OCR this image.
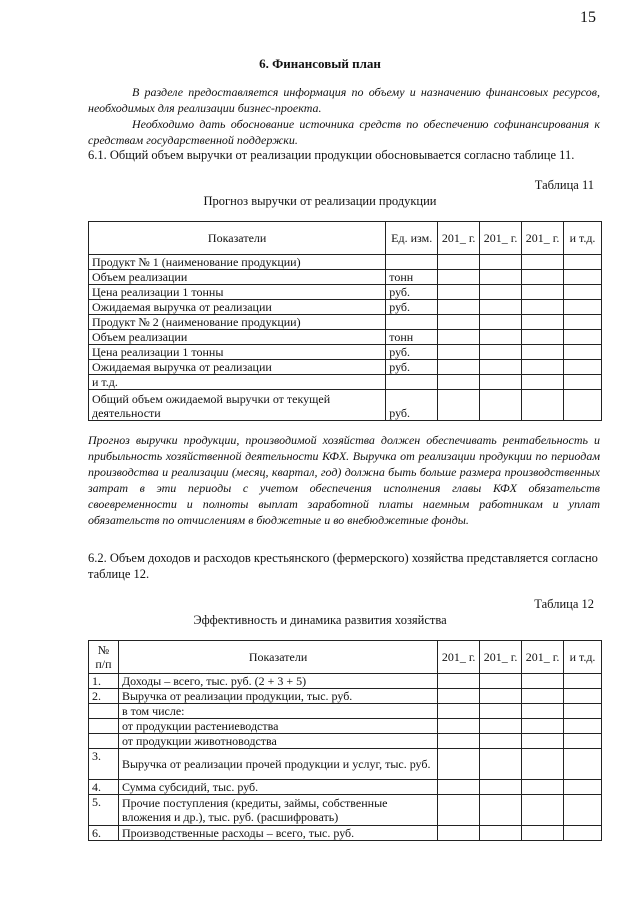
15
6. Финансовый план
В разделе предоставляется информация по объему и назначению финансовых ресурсов, необходимых для реализации бизнес-проекта.
Необходимо дать обоснование источника средств по обеспечению софинансирования к средствам государственной поддержки.
6.1. Общий объем выручки от реализации продукции обосновывается согласно таблице 11.
Таблица 11
Прогноз выручки от реализации продукции
Показатели	Ед. изм.	201_ г.	201_ г.	201_ г.	и т.д.
Продукт № 1 (наименование продукции)					
Объем реализации	тонн				
Цена реализации 1 тонны	руб.				
Ожидаемая выручка от реализации	руб.				
Продукт № 2 (наименование продукции)					
Объем реализации	тонн				
Цена реализации 1 тонны	руб.				
Ожидаемая выручка от реализации	руб.				
и т.д.					
Общий объем ожидаемой выручки от текущей деятельности	руб.				
Прогноз выручки продукции, производимой хозяйства должен обеспечивать рентабельность и прибыльность хозяйственной деятельности КФХ. Выручка от реализации продукции по периодам производства и реализации (месяц, квартал, год) должна быть больше размера производственных затрат в эти периоды с учетом обеспечения исполнения главы КФХ обязательств своевременности и полноты выплат заработной платы наемным работникам и уплат обязательств по отчислениям в бюджетные и во внебюджетные фонды.
6.2. Объем доходов и расходов крестьянского (фермерского) хозяйства представляется согласно таблице 12.
Таблица 12
Эффективность и динамика развития хозяйства
№ п/п	Показатели	201_ г.	201_ г.	201_ г.	и т.д.
1.	Доходы – всего, тыс. руб. (2 + 3 + 5)				
2.	Выручка от реализации продукции, тыс. руб.				
	в том числе:				
	от продукции растениеводства				
	от продукции животноводства				
3.	Выручка от реализации прочей продукции и услуг, тыс. руб.				
4.	Сумма субсидий, тыс. руб.				
5.	Прочие поступления (кредиты, займы, собственные вложения и др.), тыс. руб. (расшифровать)				
6.	Производственные расходы – всего, тыс. руб.				
